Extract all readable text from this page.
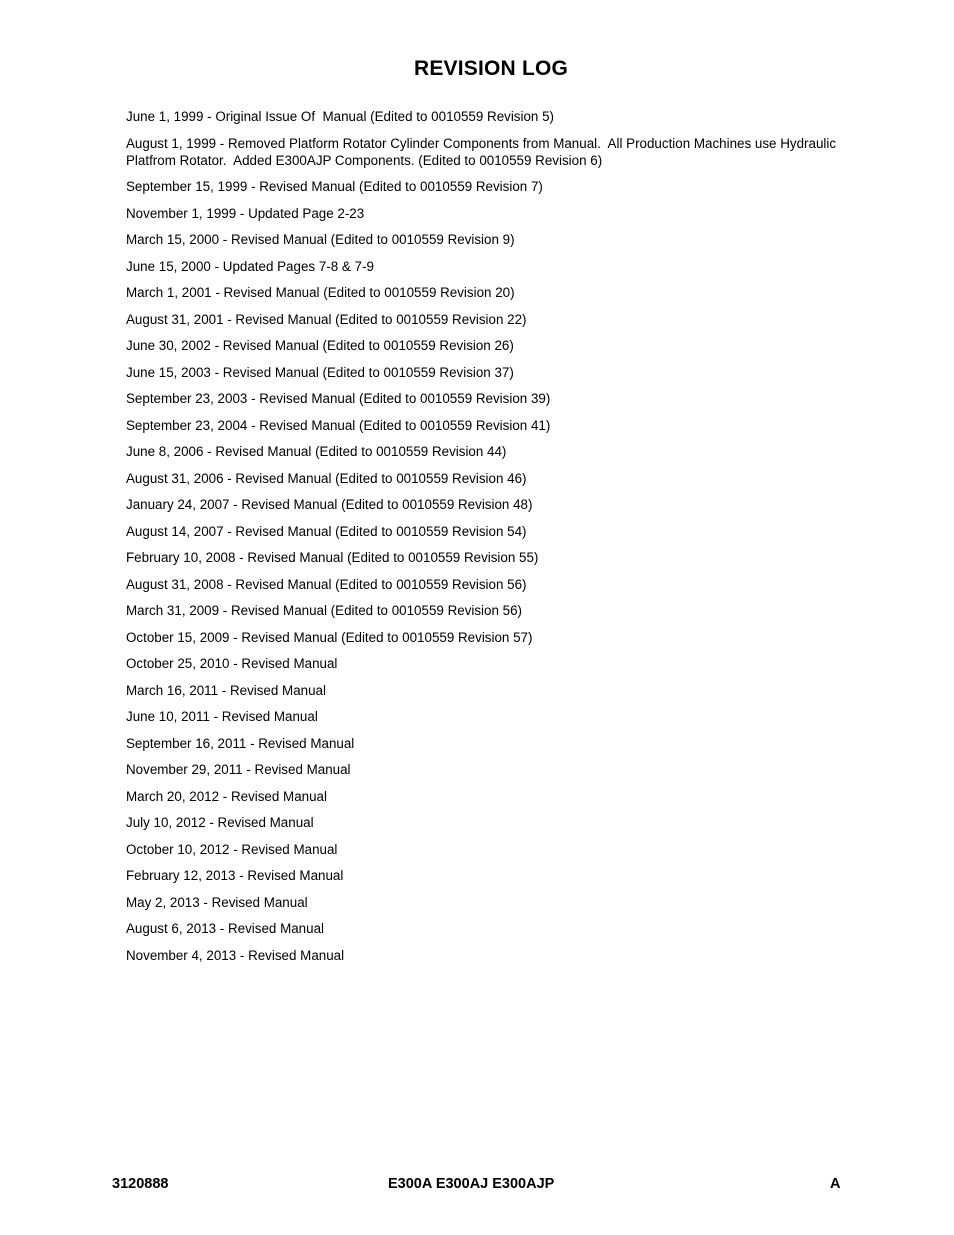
REVISION LOG
June 1, 1999 - Original Issue Of  Manual (Edited to 0010559 Revision 5)
August 1, 1999 - Removed Platform Rotator Cylinder Components from Manual.  All Production Machines use Hydraulic Platfrom Rotator.  Added E300AJP Components. (Edited to 0010559 Revision 6)
September 15, 1999 - Revised Manual (Edited to 0010559 Revision 7)
November 1, 1999 - Updated Page 2-23
March 15, 2000 - Revised Manual (Edited to 0010559 Revision 9)
June 15, 2000 - Updated Pages 7-8 & 7-9
March 1, 2001 - Revised Manual (Edited to 0010559 Revision 20)
August 31, 2001 - Revised Manual (Edited to 0010559 Revision 22)
June 30, 2002 - Revised Manual (Edited to 0010559 Revision 26)
June 15, 2003 - Revised Manual (Edited to 0010559 Revision 37)
September 23, 2003 - Revised Manual (Edited to 0010559 Revision 39)
September 23, 2004 - Revised Manual (Edited to 0010559 Revision 41)
June 8, 2006 - Revised Manual (Edited to 0010559 Revision 44)
August 31, 2006 - Revised Manual (Edited to 0010559 Revision 46)
January 24, 2007 - Revised Manual (Edited to 0010559 Revision 48)
August 14, 2007 - Revised Manual (Edited to 0010559 Revision 54)
February 10, 2008 - Revised Manual (Edited to 0010559 Revision 55)
August 31, 2008 - Revised Manual (Edited to 0010559 Revision 56)
March 31, 2009 - Revised Manual (Edited to 0010559 Revision 56)
October 15, 2009 - Revised Manual (Edited to 0010559 Revision 57)
October 25, 2010 - Revised Manual
March 16, 2011 - Revised Manual
June 10, 2011 - Revised Manual
September 16, 2011 - Revised Manual
November 29, 2011 - Revised Manual
March 20, 2012 - Revised Manual
July 10, 2012 - Revised Manual
October 10, 2012 - Revised Manual
February 12, 2013 - Revised Manual
May 2, 2013 - Revised Manual
August 6, 2013 - Revised Manual
November 4, 2013 - Revised Manual
3120888	E300A E300AJ E300AJP	A
